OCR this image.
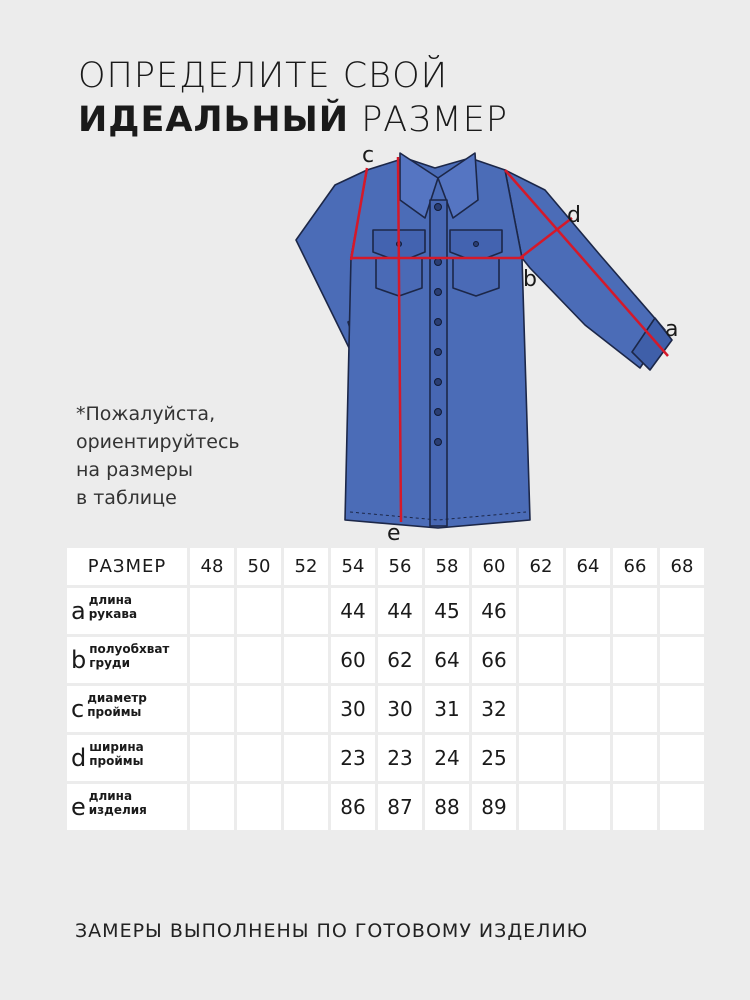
ОПРЕДЕЛИТЕ СВОЙ
ИДЕАЛЬНЫЙ РАЗМЕР
*Пожалуйста,
ориентируйтесь
на размеры
в таблице
c
d
b
a
e
РАЗМЕР	48	50	52	54	56	58	60	62	64	66	68

a длина
рукава				44	44	45	46				

b полуобхват
груди				60	62	64	66				

c диаметр
проймы				30	30	31	32				

d ширина
проймы				23	23	24	25				

e длина
изделия				86	87	88	89				
ЗАМЕРЫ ВЫПОЛНЕНЫ ПО ГОТОВОМУ ИЗДЕЛИЮ
